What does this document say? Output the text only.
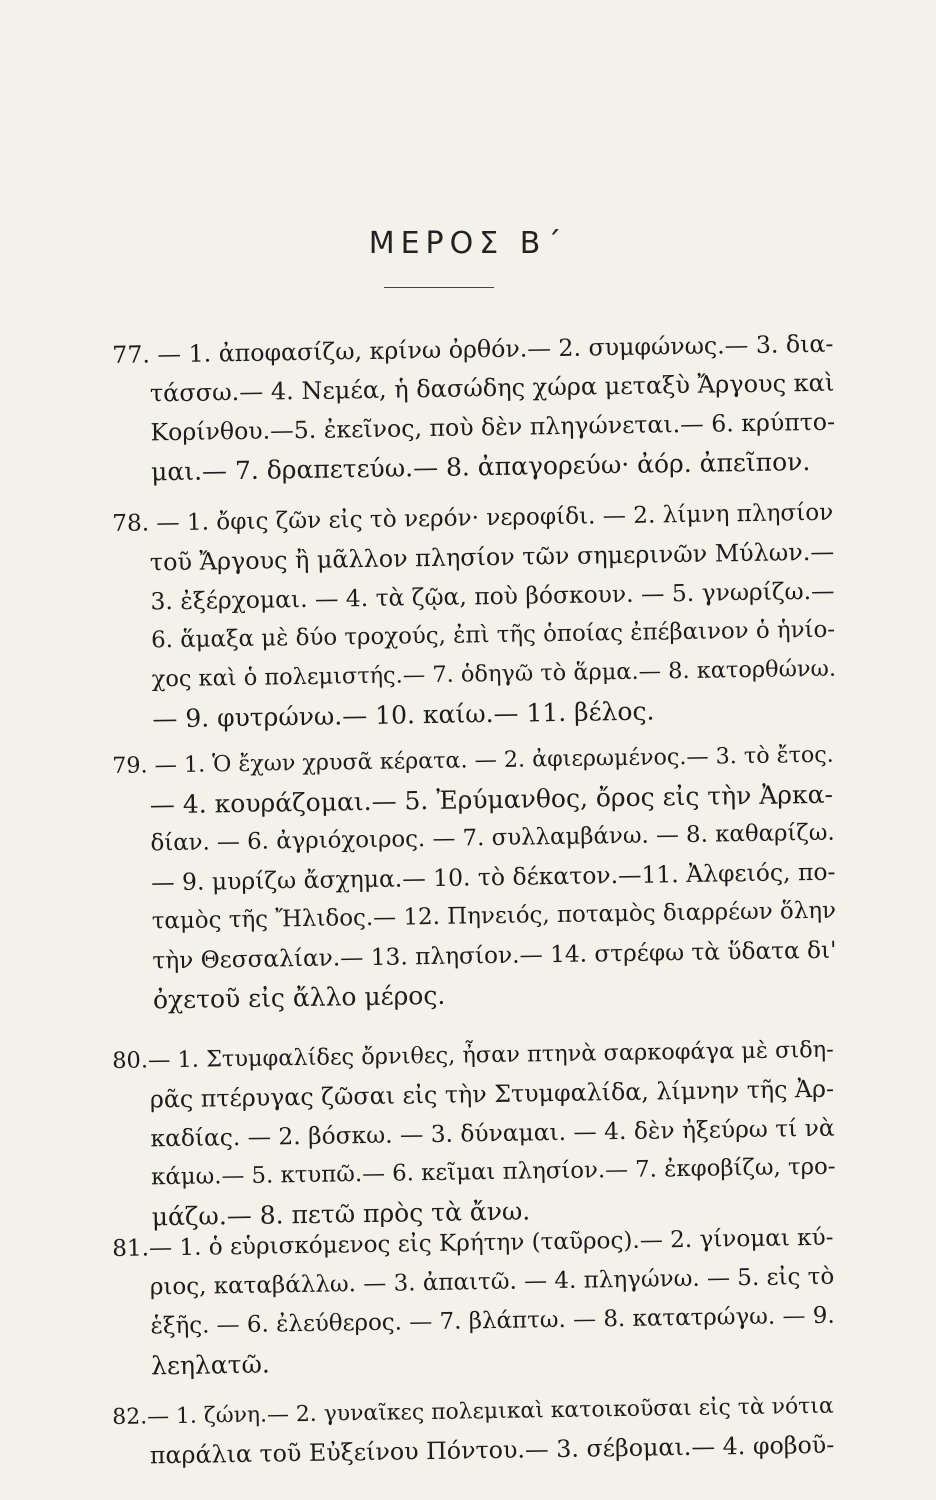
ΜΕΡΟΣ Β΄
77. — 1. ἀποφασίζω, κρίνω ὀρθόν.— 2. συμφώνως.— 3. δια-
τάσσω.— 4. Νεμέα, ἡ δασώδης χώρα μεταξὺ Ἄργους καὶ
Κορίνθου.—5. ἐκεῖνος, ποὺ δὲν πληγώνεται.— 6. κρύπτο-
μαι.— 7. δραπετεύω.— 8. ἀπαγορεύω· ἀόρ. ἀπεῖπον.
78. — 1. ὄφις ζῶν εἰς τὸ νερόν· νεροφίδι. — 2. λίμνη πλησίον
τοῦ Ἄργους ἢ μᾶλλον πλησίον τῶν σημερινῶν Μύλων.—
3. ἐξέρχομαι. — 4. τὰ ζῷα, ποὺ βόσκουν. — 5. γνωρίζω.—
6. ἅμαξα μὲ δύο τροχούς, ἐπὶ τῆς ὁποίας ἐπέβαινον ὁ ἡνίο-
χος καὶ ὁ πολεμιστής.— 7. ὁδηγῶ τὸ ἅρμα.— 8. κατορθώνω.
— 9. φυτρώνω.— 10. καίω.— 11. βέλος.
79. — 1. Ὁ ἔχων χρυσᾶ κέρατα. — 2. ἀφιερωμένος.— 3. τὸ ἔτος.
— 4. κουράζομαι.— 5. Ἐρύμανθος, ὄρος εἰς τὴν Ἀρκα-
δίαν. — 6. ἀγριόχοιρος. — 7. συλλαμβάνω. — 8. καθαρίζω.
— 9. μυρίζω ἄσχημα.— 10. τὸ δέκατον.—11. Ἀλφειός, πο-
ταμὸς τῆς Ἤλιδος.— 12. Πηνειός, ποταμὸς διαρρέων ὅλην
τὴν Θεσσαλίαν.— 13. πλησίον.— 14. στρέφω τὰ ὕδατα δι'
ὀχετοῦ εἰς ἄλλο μέρος.
80.— 1. Στυμφαλίδες ὄρνιθες, ἦσαν πτηνὰ σαρκοφάγα μὲ σιδη-
ρᾶς πτέρυγας ζῶσαι εἰς τὴν Στυμφαλίδα, λίμνην τῆς Ἀρ-
καδίας. — 2. βόσκω. — 3. δύναμαι. — 4. δὲν ἠξεύρω τί νὰ
κάμω.— 5. κτυπῶ.— 6. κεῖμαι πλησίον.— 7. ἐκφοβίζω, τρο-
μάζω.— 8. πετῶ πρὸς τὰ ἄνω.
81.— 1. ὁ εὑρισκόμενος εἰς Κρήτην (ταῦρος).— 2. γίνομαι κύ-
ριος, καταβάλλω. — 3. ἀπαιτῶ. — 4. πληγώνω. — 5. εἰς τὸ
ἑξῆς. — 6. ἐλεύθερος. — 7. βλάπτω. — 8. κατατρώγω. — 9.
λεηλατῶ.
82.— 1. ζώνη.— 2. γυναῖκες πολεμικαὶ κατοικοῦσαι εἰς τὰ νότια
παράλια τοῦ Εὐξείνου Πόντου.— 3. σέβομαι.— 4. φοβοῦ-
